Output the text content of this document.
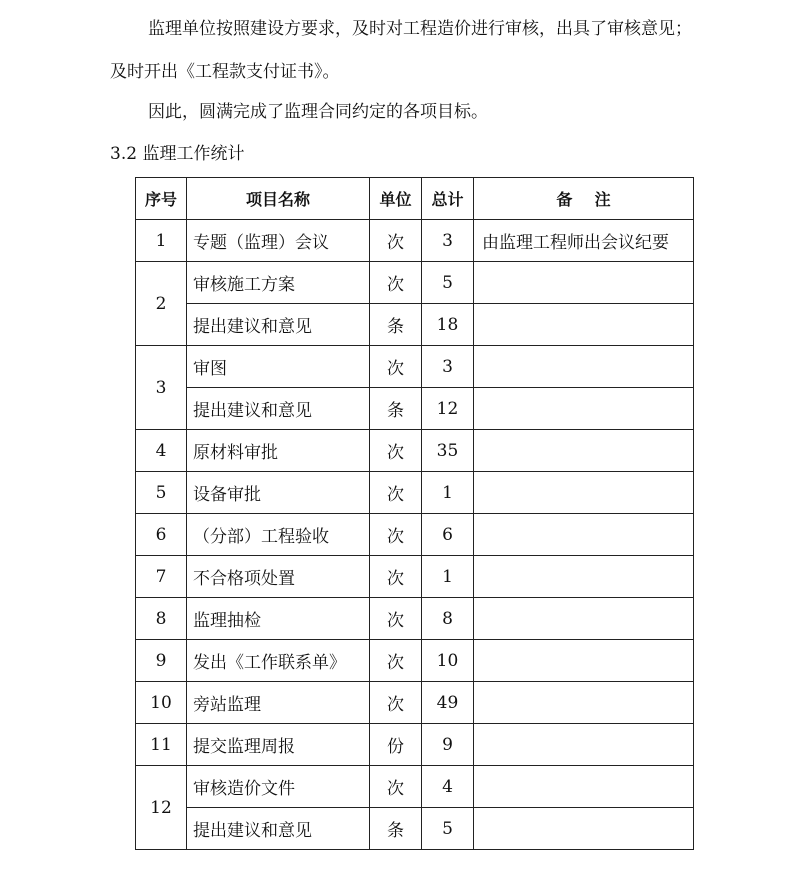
监理单位按照建设方要求，及时对工程造价进行审核，出具了审核意见；
及时开出《工程款支付证书》。
因此，圆满完成了监理合同约定的各项目标。
3.2 监理工作统计
序号	项目名称	单位	总计	备    注
1	专题（监理）会议	次	3	由监理工程师出会议纪要
2	审核施工方案	次	5	
	提出建议和意见	条	18	
3	审图	次	3	
	提出建议和意见	条	12	
4	原材料审批	次	35	
5	设备审批	次	1	
6	（分部）工程验收	次	6	
7	不合格项处置	次	1	
8	监理抽检	次	8	
9	发出《工作联系单》	次	10	
10	旁站监理	次	49	
11	提交监理周报	份	9	
12	审核造价文件	次	4	
	提出建议和意见	条	5	
